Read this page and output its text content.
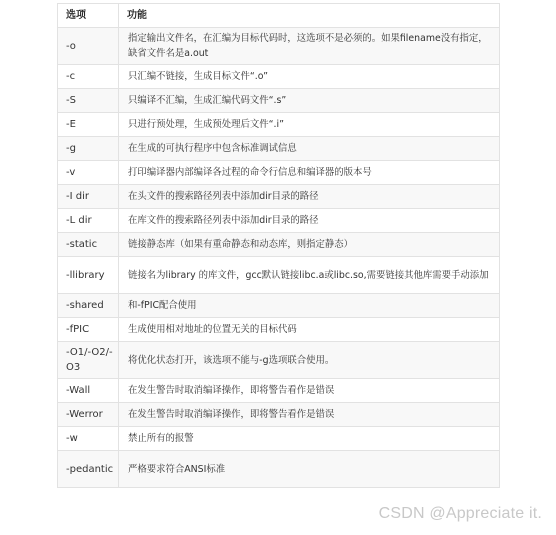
选项	功能
-o	指定输出文件名，在汇编为目标代码时，这选项不是必须的。如果filename没有指定，缺省文件名是a.out
-c	只汇编不链接，生成目标文件“.o”
-S	只编译不汇编，生成汇编代码文件“.s”
-E	只进行预处理，生成预处理后文件“.i”
-g	在生成的可执行程序中包含标准调试信息
-v	打印编译器内部编译各过程的命令行信息和编译器的版本号
-I dir	在头文件的搜索路径列表中添加dir目录的路径
-L dir	在库文件的搜索路径列表中添加dir目录的路径
-static	链接静态库（如果有重命静态和动态库，则指定静态）
-llibrary	链接名为library 的库文件，gcc默认链接libc.a或libc.so,需要链接其他库需要手动添加
-shared	和-fPIC配合使用
-fPIC	生成使用相对地址的位置无关的目标代码
-O1/-O2/-O3	将优化状态打开，该选项不能与-g选项联合使用。
-Wall	在发生警告时取消编译操作，即将警告看作是错误
-Werror	在发生警告时取消编译操作，即将警告看作是错误
-w	禁止所有的报警
-pedantic	严格要求符合ANSI标准
CSDN @Appreciate it.
